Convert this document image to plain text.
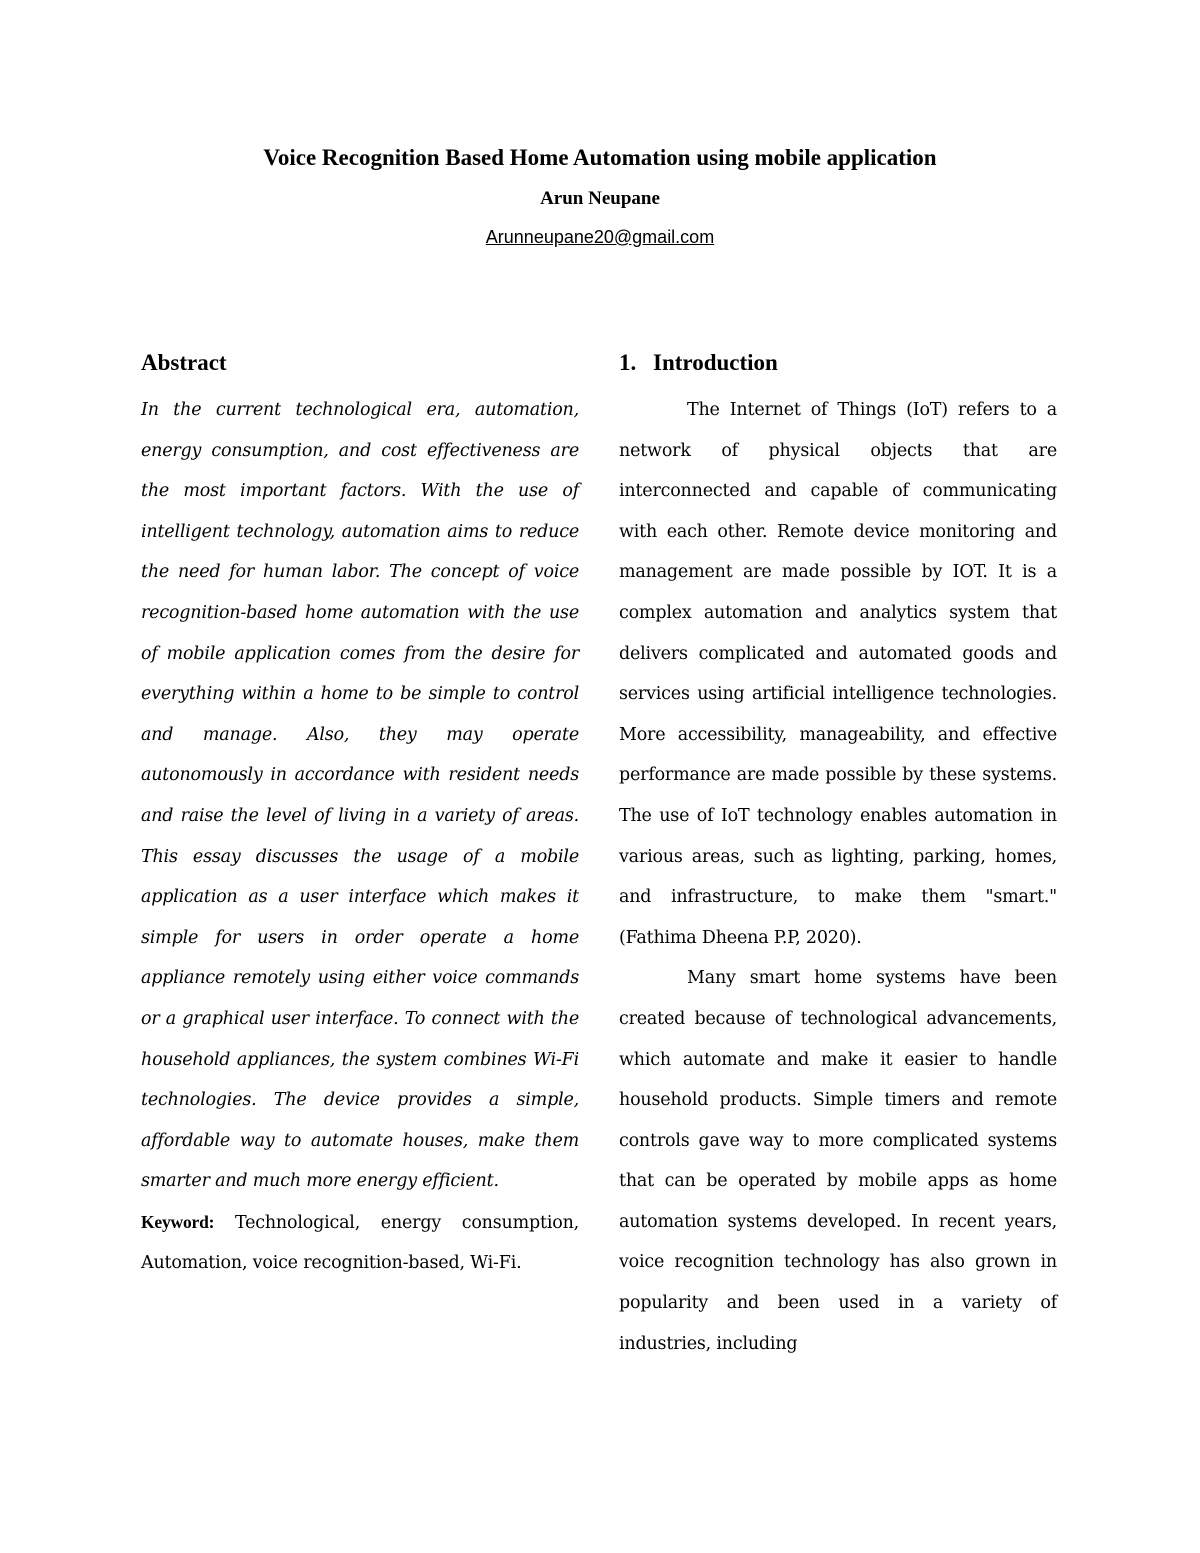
Voice Recognition Based Home Automation using mobile application
Arun Neupane
Arunneupane20@gmail.com
Abstract

In the current technological era, automation, energy consumption, and cost effectiveness are the most important factors. With the use of intelligent technology, automation aims to reduce the need for human labor. The concept of voice recognition-based home automation with the use of mobile application comes from the desire for everything within a home to be simple to control and manage. Also, they may operate autonomously in accordance with resident needs and raise the level of living in a variety of areas. This essay discusses the usage of a mobile application as a user interface which makes it simple for users in order operate a home appliance remotely using either voice commands or a graphical user interface. To connect with the household appliances, the system combines Wi-Fi technologies. The device provides a simple, affordable way to automate houses, make them smarter and much more energy efficient.

Keyword: Technological, energy consumption, Automation, voice recognition-based, Wi-Fi.

1. Introduction

The Internet of Things (IoT) refers to a network of physical objects that are interconnected and capable of communicating with each other. Remote device monitoring and management are made possible by IOT. It is a complex automation and analytics system that delivers complicated and automated goods and services using artificial intelligence technologies. More accessibility, manageability, and effective performance are made possible by these systems. The use of IoT technology enables automation in various areas, such as lighting, parking, homes, and infrastructure, to make them "smart." (Fathima Dheena P.P, 2020).

Many smart home systems have been created because of technological advancements, which automate and make it easier to handle household products. Simple timers and remote controls gave way to more complicated systems that can be operated by mobile apps as home automation systems developed. In recent years, voice recognition technology has also grown in popularity and been used in a variety of industries, including
